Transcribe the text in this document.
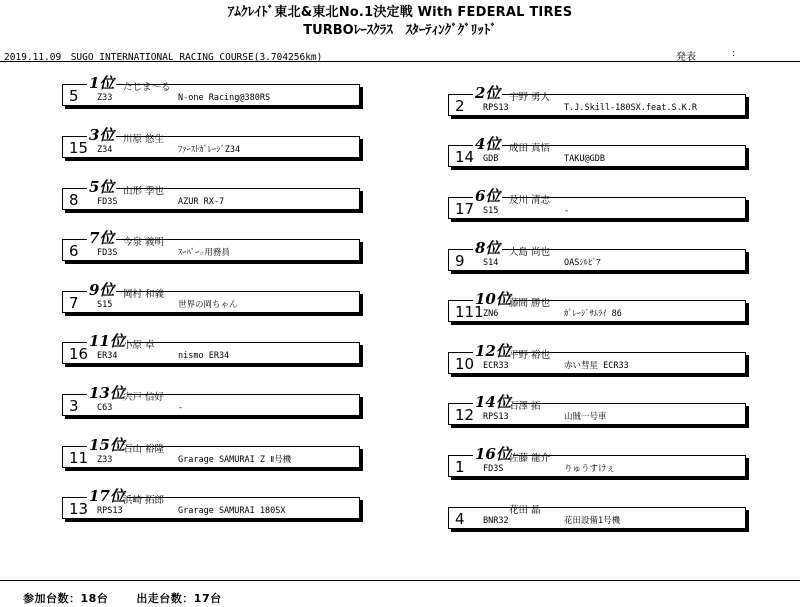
ｱﾑｸﾚｲﾄﾞ東北&東北No.1決定戦 With FEDERAL TIRES
TURBOﾚｰｽｸﾗｽ　ｽﾀｰﾃｨﾝｸﾞｸﾞﾘｯﾄﾞ
2019.11.09　SUGO INTERNATIONAL RACING COURSE(3.704256km)	発表	:
1位 たじま～る
5 Z33	N-one Racing@380RS
3位 川原 悠生
15 Z34	ﾌｧｰｽﾄｶﾞﾚｰｼﾞZ34
5位 山形 季也
8 FD3S	AZUR RX-7
7位 今泉 義明
6 FD3S	ｽｰﾊﾟｰ☆用務員
9位 岡村 和義
7 S15	世界の岡ちゃん
11位
小原 卓
16 ER34	nismo ER34
13位
宍戸 信好
3 C63	-
15位
石山 裕隆
11 Z33	Grarage SAMURAI Z Ⅱ号機
17位
浜崎 拓郎
13 RPS13	Grarage SAMURAI 180SX
2位 宇野 勇人
2 RPS13	T.J.Skill-180SX.feat.S.K.R
4位 成田 真悟
14 GDB	TAKU@GDB
6位 及川 清志
17 S15	-
8位 大島 尚也
9 S14	OASｼﾙﾋﾞｱ
10位
藤間 勝也
111 ZN6	ｶﾞﾚｰｼﾞｻﾑﾗｲ 86
12位
平野 裕也
10 ECR33	赤い彗星 ECR33
14位
石澤 拓
12 RPS13	山賊一号車
16位
佐藤 龍介
1 FD3S	りゅうすけぇ
花田 晶
4 BNR32	花田設備1号機
参加台数：18台	出走台数：17台
